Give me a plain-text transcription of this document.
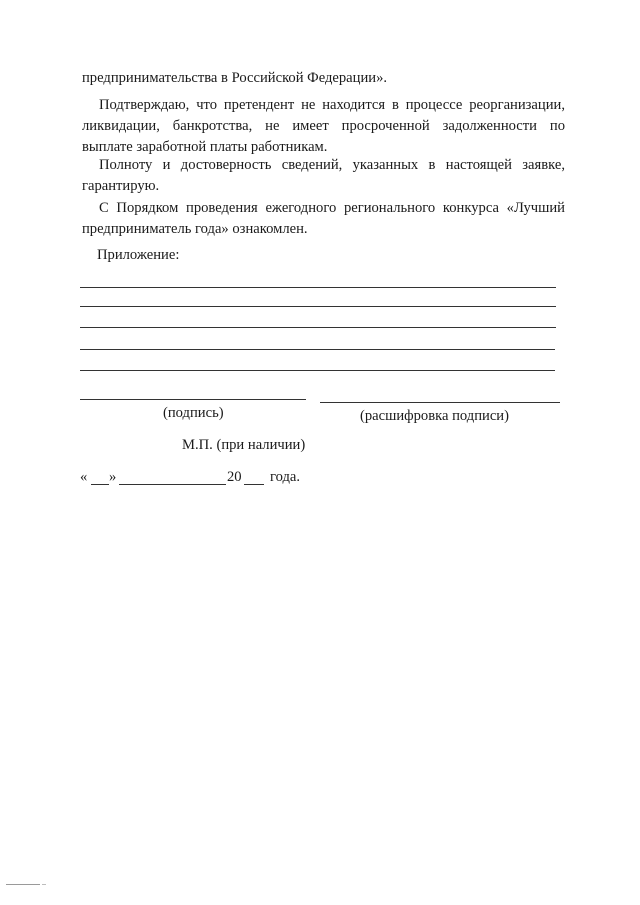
предпринимательства в Российской Федерации».
Подтверждаю, что претендент не находится в процессе реорганизации,
ликвидации, банкротства, не имеет просроченной задолженности по
выплате заработной платы работникам.
Полноту и достоверность сведений, указанных в настоящей заявке,
гарантирую.
С Порядком проведения ежегодного регионального конкурса «Лучший
предприниматель года» ознакомлен.
Приложение:
(подпись)	(расшифровка подписи)
М.П. (при наличии)
« »	20 года.
